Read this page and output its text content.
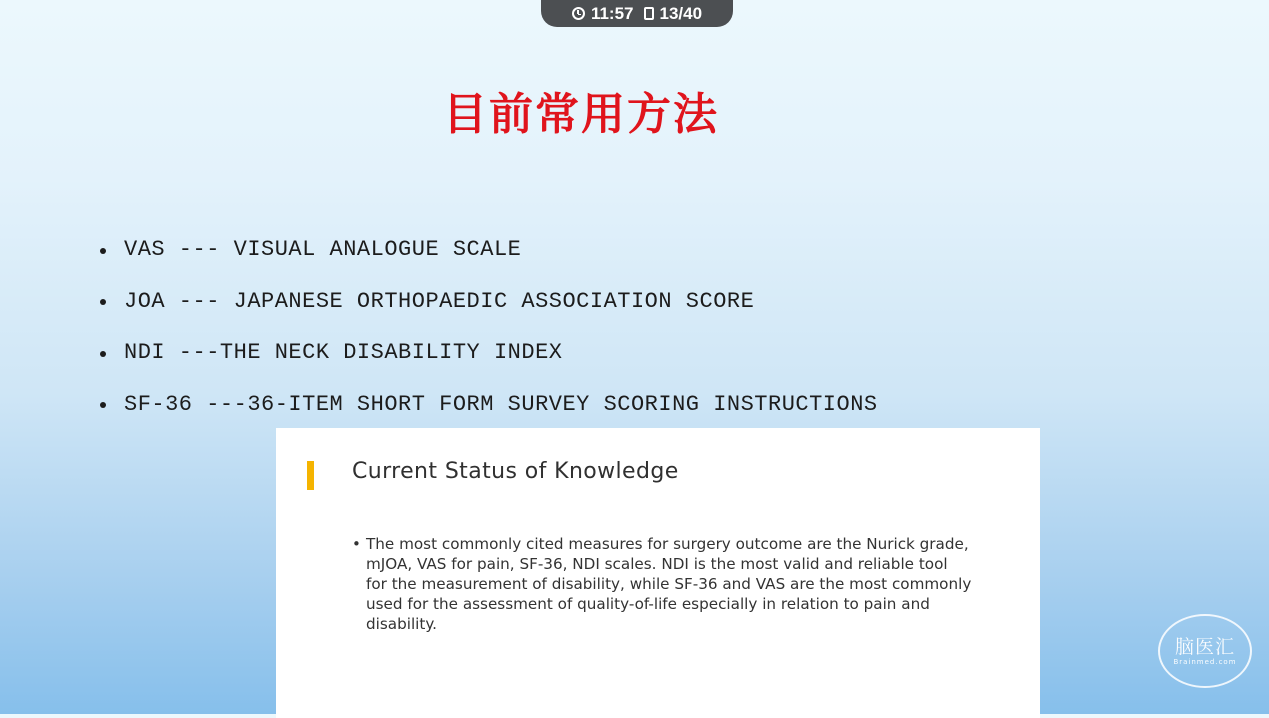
11:57 13/40
目前常用方法
VAS --- VISUAL ANALOGUE SCALE
JOA --- JAPANESE ORTHOPAEDIC ASSOCIATION SCORE
NDI ---THE NECK DISABILITY INDEX
SF-36 ---36-ITEM SHORT FORM SURVEY SCORING INSTRUCTIONS
Current Status of Knowledge
• The most commonly cited measures for surgery outcome are the Nurick grade, mJOA, VAS for pain, SF-36, NDI scales. NDI is the most valid and reliable tool for the measurement of disability, while SF-36 and VAS are the most commonly used for the assessment of quality-of-life especially in relation to pain and disability.

脑医汇
Brainmed.com
